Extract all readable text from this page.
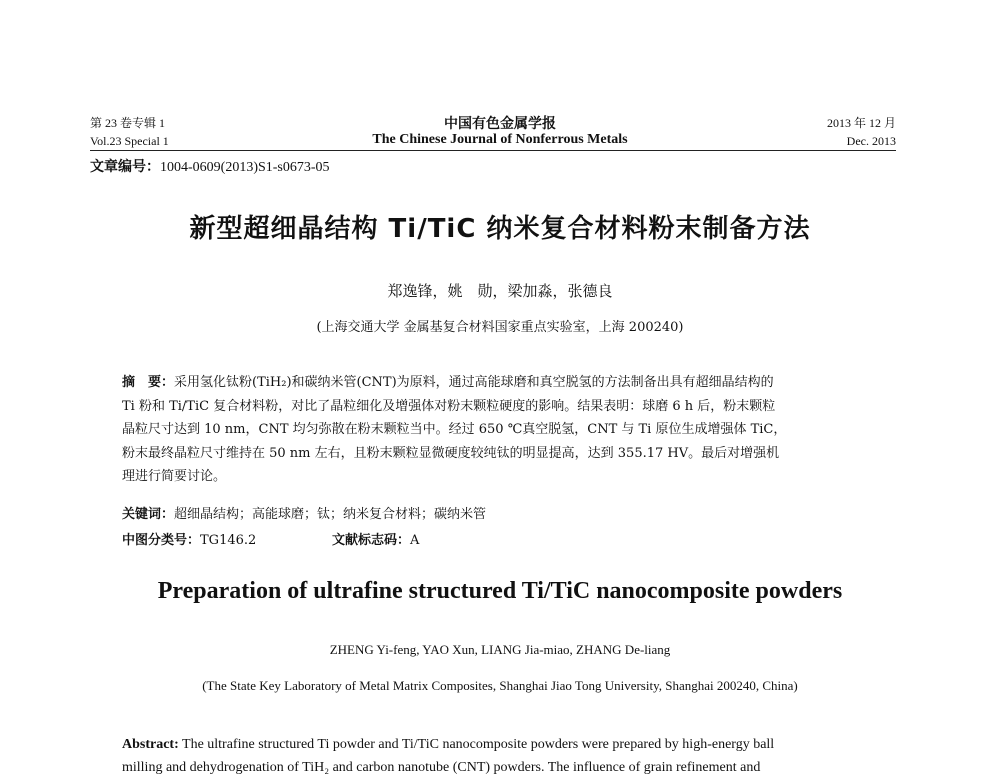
第 23 卷专辑 1
Vol.23 Special 1
中国有色金属学报
The Chinese Journal of Nonferrous Metals
2013 年 12 月
Dec. 2013
文章编号：1004-0609(2013)S1-s0673-05
新型超细晶结构 Ti/TiC 纳米复合材料粉末制备方法
郑逸锋，姚　勋，梁加淼，张德良
(上海交通大学 金属基复合材料国家重点实验室，上海 200240)
摘　要：采用氢化钛粉(TiH₂)和碳纳米管(CNT)为原料，通过高能球磨和真空脱氢的方法制备出具有超细晶结构的
Ti 粉和 Ti/TiC 复合材料粉，对比了晶粒细化及增强体对粉末颗粒硬度的影响。结果表明：球磨 6 h 后，粉末颗粒
晶粒尺寸达到 10 nm，CNT 均匀弥散在粉末颗粒当中。经过 650 ℃真空脱氢，CNT 与 Ti 原位生成增强体 TiC，
粉末最终晶粒尺寸维持在 50 nm 左右，且粉末颗粒显微硬度较纯钛的明显提高，达到 355.17 HV。最后对增强机
理进行简要讨论。
关键词：超细晶结构；高能球磨；钛；纳米复合材料；碳纳米管
中图分类号：TG146.2	文献标志码：A
Preparation of ultrafine structured Ti/TiC nanocomposite powders
ZHENG Yi-feng, YAO Xun, LIANG Jia-miao, ZHANG De-liang
(The State Key Laboratory of Metal Matrix Composites, Shanghai Jiao Tong University, Shanghai 200240, China)
Abstract: The ultrafine structured Ti powder and Ti/TiC nanocomposite powders were prepared by high-energy ball
milling and dehydrogenation of TiH₂ and carbon nanotube (CNT) powders. The influence of grain refinement and
